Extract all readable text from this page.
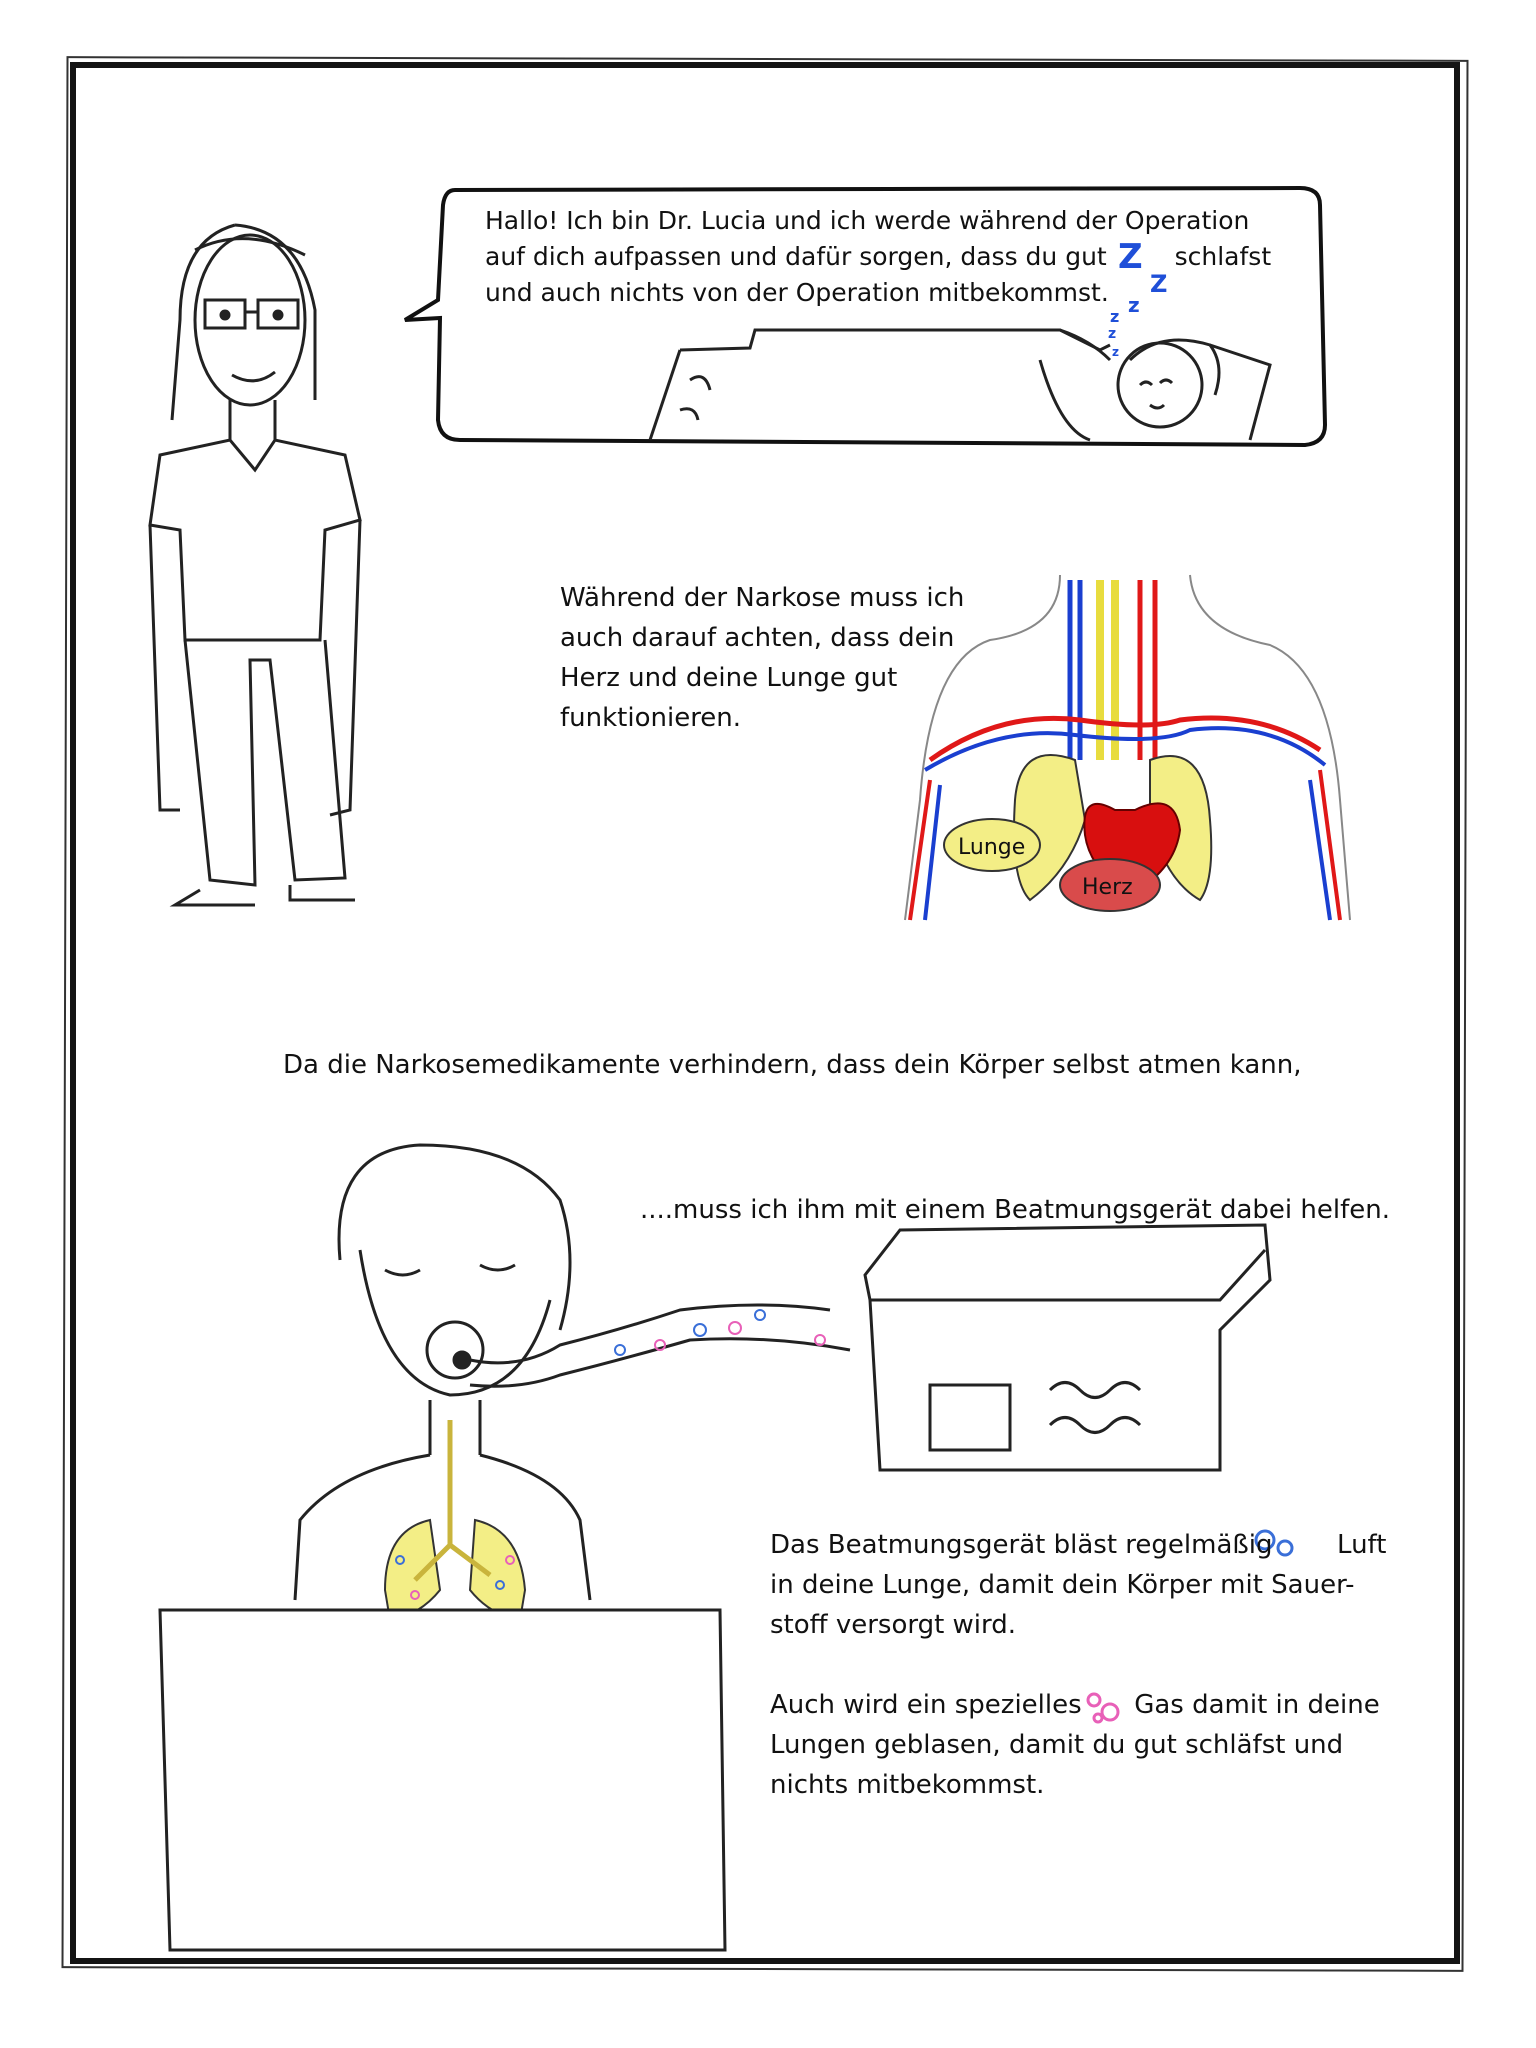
Z
Z
z
z
z
z
Lunge
Herz
Hallo! Ich bin Dr. Lucia und ich werde während der Operation
auf dich aufpassen und dafür sorgen, dass du gut	schlafst
und auch nichts von der Operation mitbekommst.

Während der Narkose muss ich

auch darauf achten, dass dein

Herz und deine Lunge gut

funktionieren.

Da die Narkosemedikamente verhindern, dass dein Körper selbst atmen kann,
....muss ich ihm mit einem Beatmungsgerät dabei helfen.

Das Beatmungsgerät bläst regelmäßig Luft

in deine Lunge, damit dein Körper mit Sauer-

stoff versorgt wird.

Auch wird ein spezielles Gas damit in deine

Lungen geblasen, damit du gut schläfst und

nichts mitbekommst.
